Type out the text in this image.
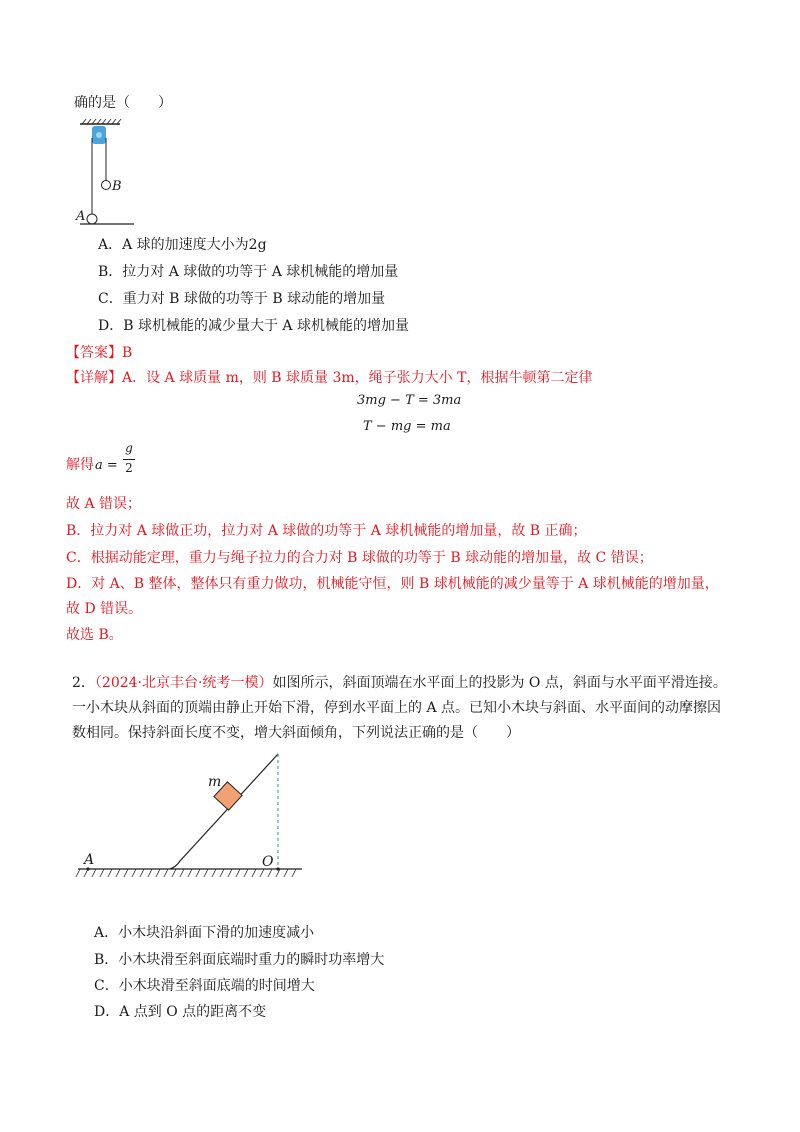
确的是（　　）
B
A
A．A 球的加速度大小为2g
B．拉力对 A 球做的功等于 A 球机械能的增加量
C．重力对 B 球做的功等于 B 球动能的增加量
D．B 球机械能的减少量大于 A 球机械能的增加量
【答案】B
【详解】A．设 A 球质量 m，则 B 球质量 3m，绳子张力大小 T，根据牛顿第二定律
3mg − T = 3ma
T − mg = ma
解得 a =
g
2
故 A 错误；
B．拉力对 A 球做正功，拉力对 A 球做的功等于 A 球机械能的增加量，故 B 正确；
C．根据动能定理，重力与绳子拉力的合力对 B 球做的功等于 B 球动能的增加量，故 C 错误；
D．对 A、B 整体，整体只有重力做功，机械能守恒，则 B 球机械能的减少量等于 A 球机械能的增加量，
故 D 错误。
故选 B。
2．（2024·北京丰台·统考一模）如图所示，斜面顶端在水平面上的投影为 O 点，斜面与水平面平滑连接。
一小木块从斜面的顶端由静止开始下滑，停到水平面上的 A 点。已知小木块与斜面、水平面间的动摩擦因
数相同。保持斜面长度不变，增大斜面倾角，下列说法正确的是（　　）
m
A	O
A．小木块沿斜面下滑的加速度减小
B．小木块滑至斜面底端时重力的瞬时功率增大
C．小木块滑至斜面底端的时间增大
D．A 点到 O 点的距离不变
